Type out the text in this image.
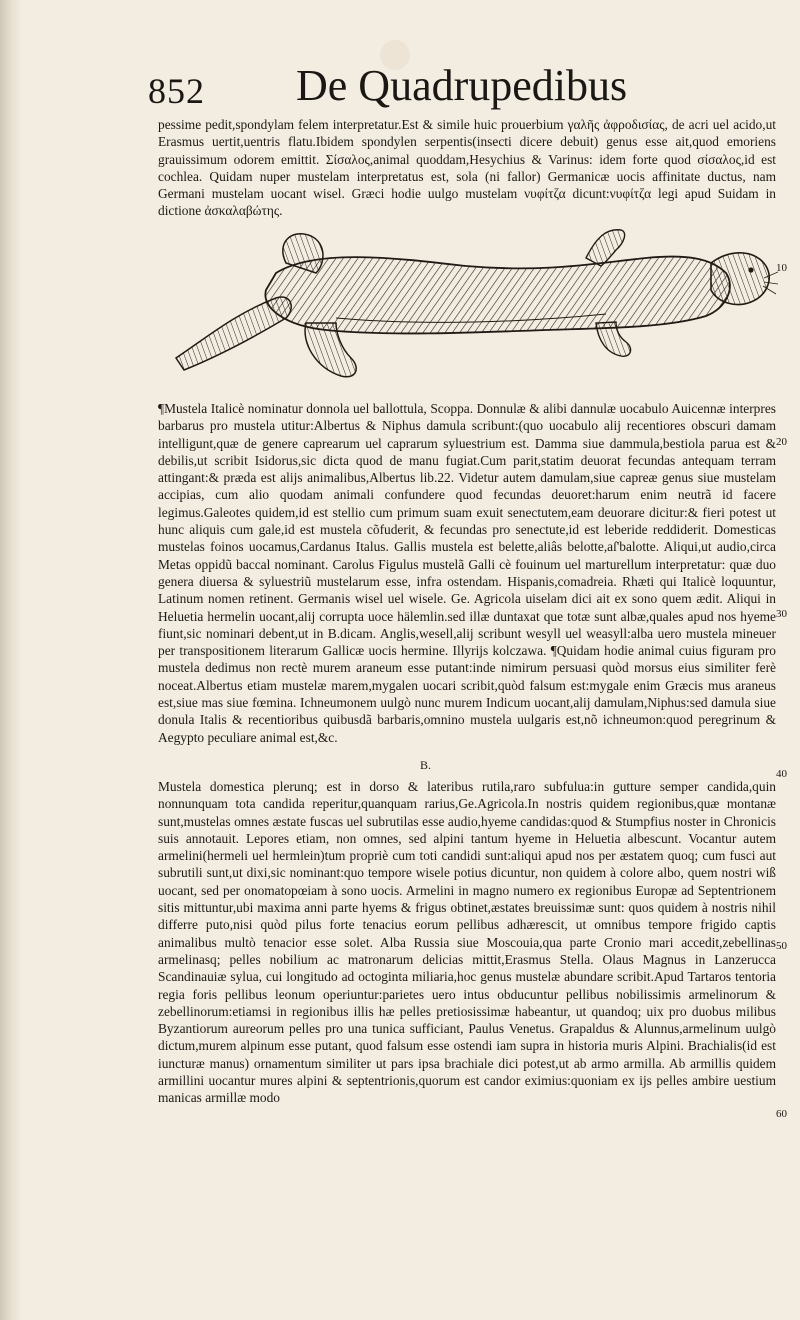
852 De Quadrupedibus

pessime pedit,spondylam felem interpretatur.Est & simile huic prouerbium γαλῆς ἀφροδισίας, de acri uel acido,ut Erasmus uertit,uentris flatu.Ibidem spondylen serpentis(insecti dicere debuit) genus esse ait,quod emoriens grauissimum odorem emittit. Σίσαλος,animal quoddam,Hesychius & Varinus: idem forte quod σίσαλος,id est cochlea. Quidam nuper mustelam interpretatus est, sola (ni fallor) Germanicæ uocis affinitate ductus, nam Germani mustelam uocant wisel. Græci hodie uulgo mustelam νυφίτζα dicunt:νυφίτζα legi apud Suidam in dictione ἀσκαλαβώτης.

¶Mustela Italicè nominatur donnola uel ballottula, Scoppa. Donnulæ & alibi dannulæ uocabulo Auicennæ interpres barbarus pro mustela utitur:Albertus & Niphus damula scribunt:(quo uocabulo alij recentiores obscuri damam intelligunt,quæ de genere caprearum uel caprarum syluestrium est. Damma siue dammula,bestiola parua est & debilis,ut scribit Isidorus,sic dicta quod de manu fugiat.Cum parit,statim deuorat fecundas antequam terram attingant:& præda est alijs animalibus,Albertus lib.22. Videtur autem damulam,siue capreæ genus siue mustelam accipias, cum alio quodam animali confundere quod fecundas deuoret:harum enim neutrã id facere legimus.Galeotes quidem,id est stellio cum primum suam exuit senectutem,eam deuorare dicitur:& fieri potest ut hunc aliquis cum gale,id est mustela cõfuderit, & fecundas pro senectute,id est leberide reddiderit. Domesticas mustelas foinos uocamus,Cardanus Italus. Gallis mustela est belette,aliâs belotte,aſ'balotte. Aliqui,ut audio,circa Metas oppidũ baccal nominant. Carolus Figulus mustelã Galli cè fouinum uel marturellum interpretatur: quæ duo genera diuersa & syluestriũ mustelarum esse, infra ostendam. Hispanis,comadreia. Rhæti qui Italicè loquuntur, Latinum nomen retinent. Germanis wisel uel wisele. Ge. Agricola uiselam dici ait ex sono quem ædit. Aliqui in Heluetia hermelin uocant,alij corrupta uoce hälemlin.sed illæ duntaxat que totæ sunt albæ,quales apud nos hyeme fiunt,sic nominari debent,ut in B.dicam. Anglis,wesell,alij scribunt wesyll uel weasyll:alba uero mustela mineuer per transpositionem literarum Gallicæ uocis hermine. Illyrijs kolczawa. ¶Quidam hodie animal cuius figuram pro mustela dedimus non rectè murem araneum esse putant:inde nimirum persuasi quòd morsus eius similiter ferè noceat.Albertus etiam mustelæ marem,mygalen uocari scribit,quòd falsum est:mygale enim Græcis mus araneus est,siue mas siue fœmina. Ichneumonem uulgò nunc murem Indicum uocant,alij damulam,Niphus:sed damula siue donula Italis & recentioribus quibusdã barbaris,omnino mustela uulgaris est,nõ ichneumon:quod peregrinum & Aegypto peculiare animal est,&c.

B.

Mustela domestica plerunq; est in dorso & lateribus rutila,raro subfulua:in gutture semper candida,quin nonnunquam tota candida reperitur,quanquam rarius,Ge.Agricola.In nostris quidem regionibus,quæ montanæ sunt,mustelas omnes æstate fuscas uel subrutilas esse audio,hyeme candidas:quod & Stumpfius noster in Chronicis suis annotauit. Lepores etiam, non omnes, sed alpini tantum hyeme in Heluetia albescunt. Vocantur autem armelini(hermeli uel hermlein)tum propriè cum toti candidi sunt:aliqui apud nos per æstatem quoq; cum fusci aut subrutili sunt,ut dixi,sic nominant:quo tempore wisele potius dicuntur, non quidem à colore albo, quem nostri wiß uocant, sed per onomatopœiam à sono uocis. Armelini in magno numero ex regionibus Europæ ad Septentrionem sitis mittuntur,ubi maxima anni parte hyems & frigus obtinet,æstates breuissimæ sunt: quos quidem à nostris nihil differre puto,nisi quòd pilus forte tenacius eorum pellibus adhærescit, ut omnibus tempore frigido captis animalibus multò tenacior esse solet. Alba Russia siue Moscouia,qua parte Cronio mari accedit,zebellinas armelinasq; pelles nobilium ac matronarum delicias mittit,Erasmus Stella. Olaus Magnus in Lanzerucca Scandinauiæ sylua, cui longitudo ad octoginta miliaria,hoc genus mustelæ abundare scribit.Apud Tartaros tentoria regia foris pellibus leonum operiuntur:parietes uero intus obducuntur pellibus nobilissimis armelinorum & zebellinorum:etiamsi in regionibus illis hæ pelles pretiosissimæ habeantur, ut quandoq; uix pro duobus milibus Byzantiorum aureorum pelles pro una tunica sufficiant, Paulus Venetus. Grapaldus & Alunnus,armelinum uulgò dictum,murem alpinum esse putant, quod falsum esse ostendi iam supra in historia muris Alpini. Brachialis(id est iuncturæ manus) ornamentum similiter ut pars ipsa brachiale dici potest,ut ab armo armilla. Ab armillis quidem armillini uocantur mures alpini & septentrionis,quorum est candor eximius:quoniam ex ijs pelles ambire uestium manicas armillæ modo

10
20
30
40
50
60
